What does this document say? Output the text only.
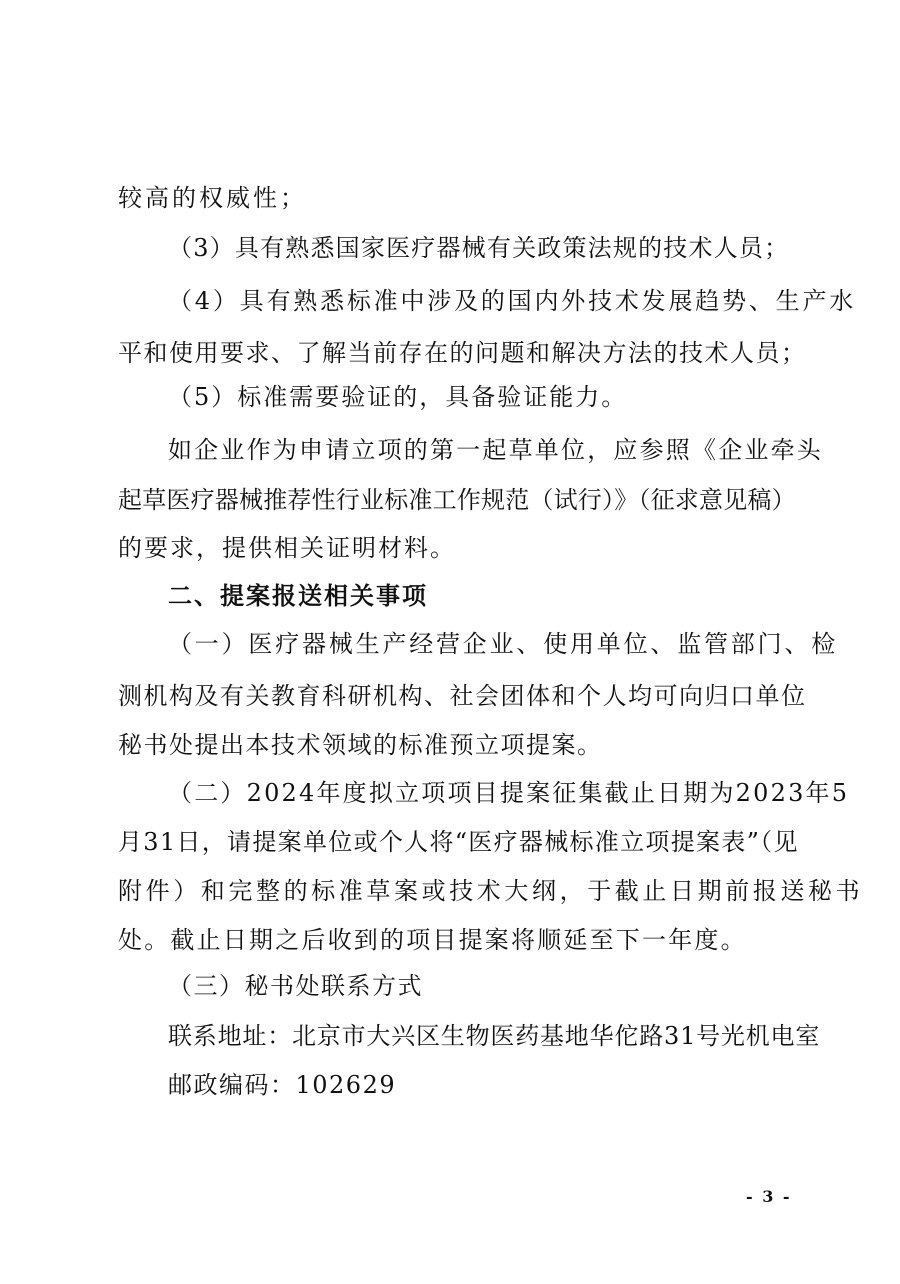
较高的权威性；
（3）具有熟悉国家医疗器械有关政策法规的技术人员；
（4）具有熟悉标准中涉及的国内外技术发展趋势、生产水
平和使用要求、了解当前存在的问题和解决方法的技术人员；
（5）标准需要验证的，具备验证能力。
如企业作为申请立项的第一起草单位，应参照《企业牵头
起草医疗器械推荐性行业标准工作规范（试行）》（征求意见稿）
的要求，提供相关证明材料。
二、提案报送相关事项
（一）医疗器械生产经营企业、使用单位、监管部门、检
测机构及有关教育科研机构、社会团体和个人均可向归口单位
秘书处提出本技术领域的标准预立项提案。
（二）2024年度拟立项项目提案征集截止日期为2023年5
月31日，请提案单位或个人将“医疗器械标准立项提案表”（见
附件）和完整的标准草案或技术大纲，于截止日期前报送秘书
处。截止日期之后收到的项目提案将顺延至下一年度。
（三）秘书处联系方式
联系地址：北京市大兴区生物医药基地华佗路31号光机电室
邮政编码：102629
- 3 -
